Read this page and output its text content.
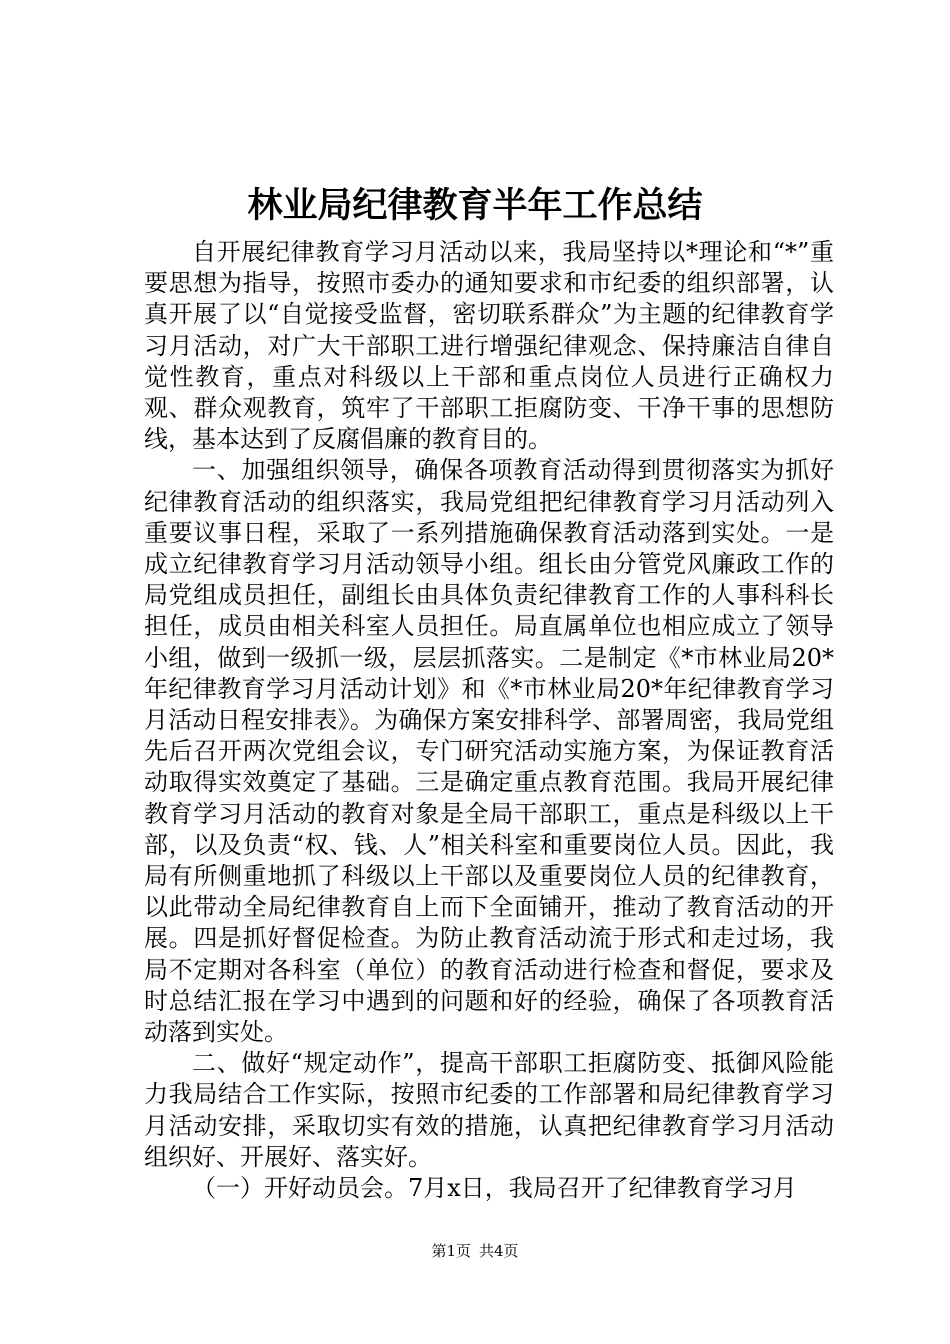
林业局纪律教育半年工作总结

自开展纪律教育学习月活动以来，我局坚持以*理论和“*”重要思想为指导，按照市委办的通知要求和市纪委的组织部署，认真开展了以“自觉接受监督，密切联系群众”为主题的纪律教育学习月活动，对广大干部职工进行增强纪律观念、保持廉洁自律自觉性教育，重点对科级以上干部和重点岗位人员进行正确权力观、群众观教育，筑牢了干部职工拒腐防变、干净干事的思想防线，基本达到了反腐倡廉的教育目的。

一、加强组织领导，确保各项教育活动得到贯彻落实为抓好纪律教育活动的组织落实，我局党组把纪律教育学习月活动列入重要议事日程，采取了一系列措施确保教育活动落到实处。一是成立纪律教育学习月活动领导小组。组长由分管党风廉政工作的局党组成员担任，副组长由具体负责纪律教育工作的人事科科长担任，成员由相关科室人员担任。局直属单位也相应成立了领导小组，做到一级抓一级，层层抓落实。二是制定《*市林业局20*年纪律教育学习月活动计划》和《*市林业局20*年纪律教育学习月活动日程安排表》。为确保方案安排科学、部署周密，我局党组先后召开两次党组会议，专门研究活动实施方案，为保证教育活动取得实效奠定了基础。三是确定重点教育范围。我局开展纪律教育学习月活动的教育对象是全局干部职工，重点是科级以上干部，以及负责“权、钱、人”相关科室和重要岗位人员。因此，我局有所侧重地抓了科级以上干部以及重要岗位人员的纪律教育，以此带动全局纪律教育自上而下全面铺开，推动了教育活动的开展。四是抓好督促检查。为防止教育活动流于形式和走过场，我局不定期对各科室（单位）的教育活动进行检查和督促，要求及时总结汇报在学习中遇到的问题和好的经验，确保了各项教育活动落到实处。

二、做好“规定动作”，提高干部职工拒腐防变、抵御风险能力我局结合工作实际，按照市纪委的工作部署和局纪律教育学习月活动安排，采取切实有效的措施，认真把纪律教育学习月活动组织好、开展好、落实好。

（一）开好动员会。7月x日，我局召开了纪律教育学习月

第1页 共4页
